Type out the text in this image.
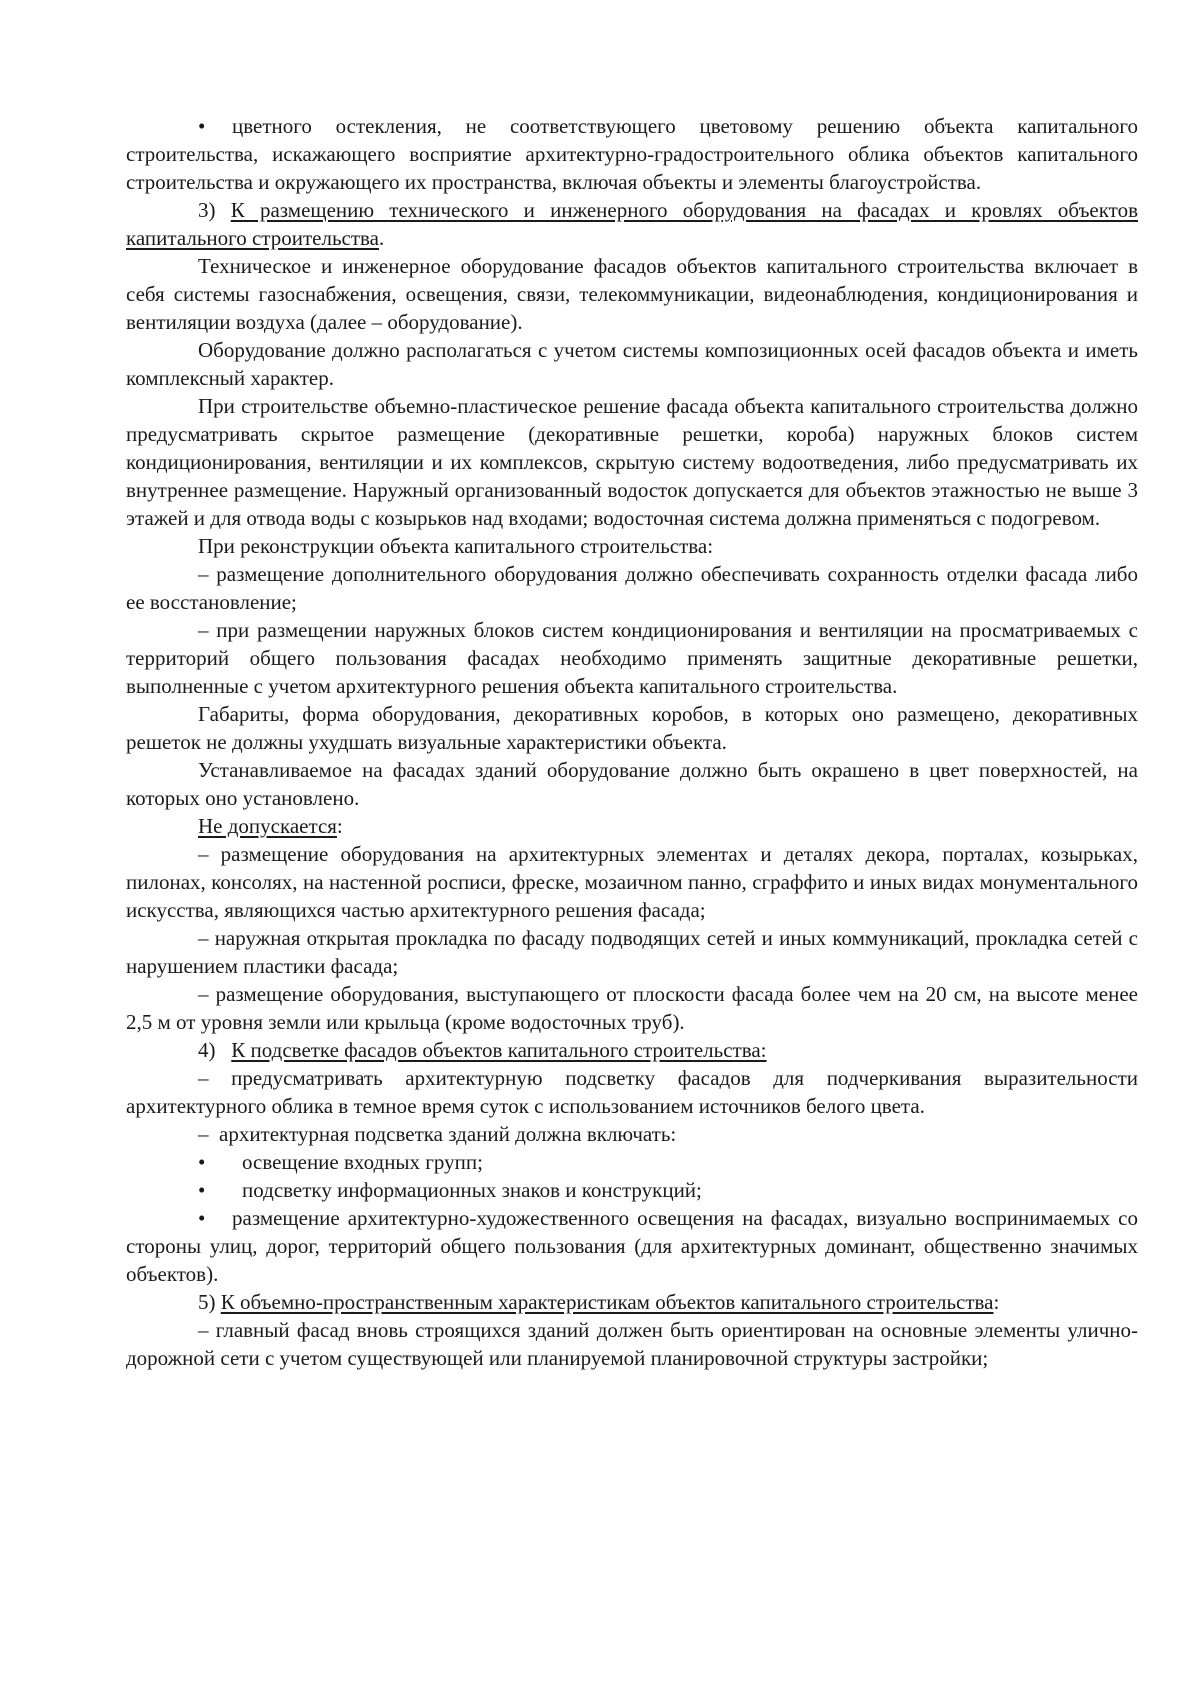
• цветного остекления, не соответствующего цветовому решению объекта капитального строительства, искажающего восприятие архитектурно-градостроительного облика объектов капитального строительства и окружающего их пространства, включая объекты и элементы благоустройства.

3) К размещению технического и инженерного оборудования на фасадах и кровлях объектов капитального строительства.

Техническое и инженерное оборудование фасадов объектов капитального строительства включает в себя системы газоснабжения, освещения, связи, телекоммуникации, видеонаблюдения, кондиционирования и вентиляции воздуха (далее – оборудование).

Оборудование должно располагаться с учетом системы композиционных осей фасадов объекта и иметь комплексный характер.

При строительстве объемно-пластическое решение фасада объекта капитального строительства должно предусматривать скрытое размещение (декоративные решетки, короба) наружных блоков систем кондиционирования, вентиляции и их комплексов, скрытую систему водоотведения, либо предусматривать их внутреннее размещение. Наружный организованный водосток допускается для объектов этажностью не выше 3 этажей и для отвода воды с козырьков над входами; водосточная система должна применяться с подогревом.

При реконструкции объекта капитального строительства:

– размещение дополнительного оборудования должно обеспечивать сохранность отделки фасада либо ее восстановление;

– при размещении наружных блоков систем кондиционирования и вентиляции на просматриваемых с территорий общего пользования фасадах необходимо применять защитные декоративные решетки, выполненные с учетом архитектурного решения объекта капитального строительства.

Габариты, форма оборудования, декоративных коробов, в которых оно размещено, декоративных решеток не должны ухудшать визуальные характеристики объекта.

Устанавливаемое на фасадах зданий оборудование должно быть окрашено в цвет поверхностей, на которых оно установлено.

Не допускается:

– размещение оборудования на архитектурных элементах и деталях декора, порталах, козырьках, пилонах, консолях, на настенной росписи, фреске, мозаичном панно, сграффито и иных видах монументального искусства, являющихся частью архитектурного решения фасада;

– наружная открытая прокладка по фасаду подводящих сетей и иных коммуникаций, прокладка сетей с нарушением пластики фасада;

– размещение оборудования, выступающего от плоскости фасада более чем на 20 см, на высоте менее 2,5 м от уровня земли или крыльца (кроме водосточных труб).

4)   К подсветке фасадов объектов капитального строительства:

– предусматривать архитектурную подсветку фасадов для подчеркивания выразительности архитектурного облика в темное время суток с использованием источников белого цвета.

–  архитектурная подсветка зданий должна включать:

• освещение входных групп;

• подсветку информационных знаков и конструкций;

• размещение архитектурно-художественного освещения на фасадах, визуально воспринимаемых со стороны улиц, дорог, территорий общего пользования (для архитектурных доминант, общественно значимых объектов).

5) К объемно-пространственным характеристикам объектов капитального строительства:

– главный фасад вновь строящихся зданий должен быть ориентирован на основные элементы улично-дорожной сети с учетом существующей или планируемой планировочной структуры застройки;
